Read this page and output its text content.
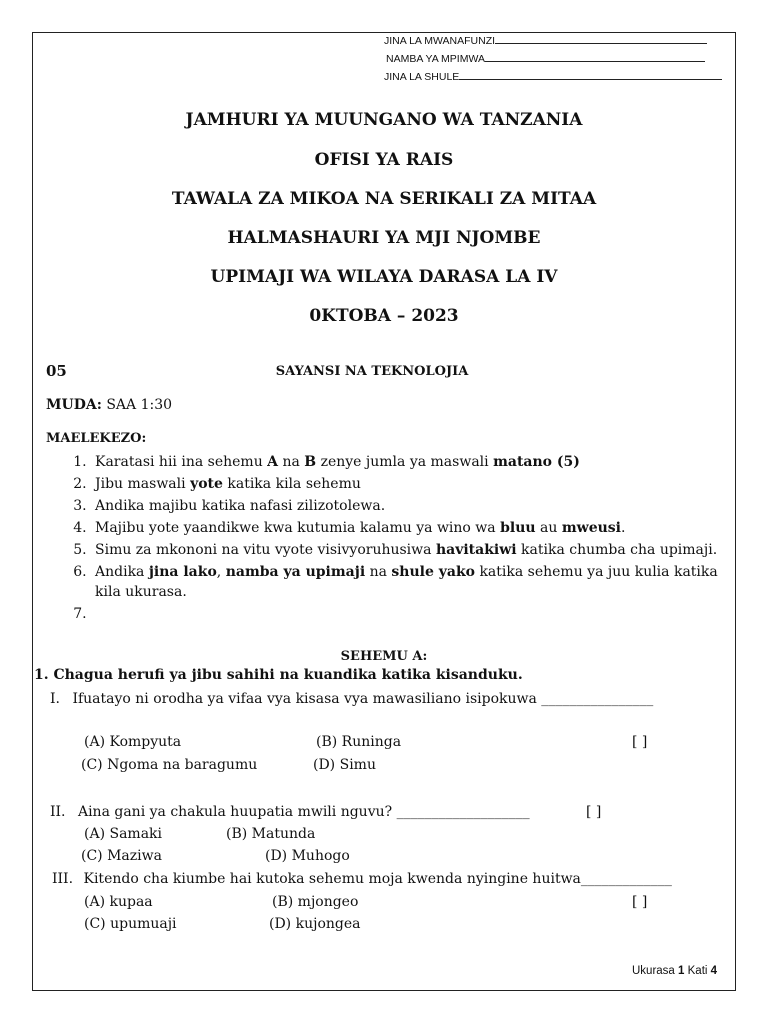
JINA LA MWANAFUNZI
NAMBA YA MPIMWA
JINA LA SHULE
JAMHURI YA MUUNGANO WA TANZANIA
OFISI YA RAIS
TAWALA ZA MIKOA NA SERIKALI ZA MITAA
HALMASHAURI YA MJI NJOMBE
UPIMAJI WA WILAYA DARASA LA IV
0KTOBA – 2023
05	SAYANSI NA TEKNOLOJIA
MUDA: SAA 1:30
MAELEKEZO:
1. Karatasi hii ina sehemu A na B zenye jumla ya maswali matano (5)
2. Jibu maswali yote katika kila sehemu
3. Andika majibu katika nafasi zilizotolewa.
4. Majibu yote yaandikwe kwa kutumia kalamu ya wino wa bluu au mweusi.
5. Simu za mkononi na vitu vyote visivyoruhusiwa havitakiwi katika chumba cha upimaji.
6. Andika jina lako, namba ya upimaji na shule yako katika sehemu ya juu kulia katika kila ukurasa.
7.
SEHEMU A:
1. Chagua herufi ya jibu sahihi na kuandika katika kisanduku.
I. Ifuatayo ni orodha ya vifaa vya kisasa vya mawasiliano isipokuwa ________________
(A) Kompyuta	(B) Runinga	[ ]
(C) Ngoma na baragumu	(D) Simu
II. Aina gani ya chakula huupatia mwili nguvu? ___________________	[ ]
(A) Samaki	(B) Matunda
(C) Maziwa	(D) Muhogo
III. Kitendo cha kiumbe hai kutoka sehemu moja kwenda nyingine huitwa_____________
(A) kupaa	(B) mjongeo	[ ]
(C) upumuaji	(D) kujongea
Ukurasa 1 Kati 4
